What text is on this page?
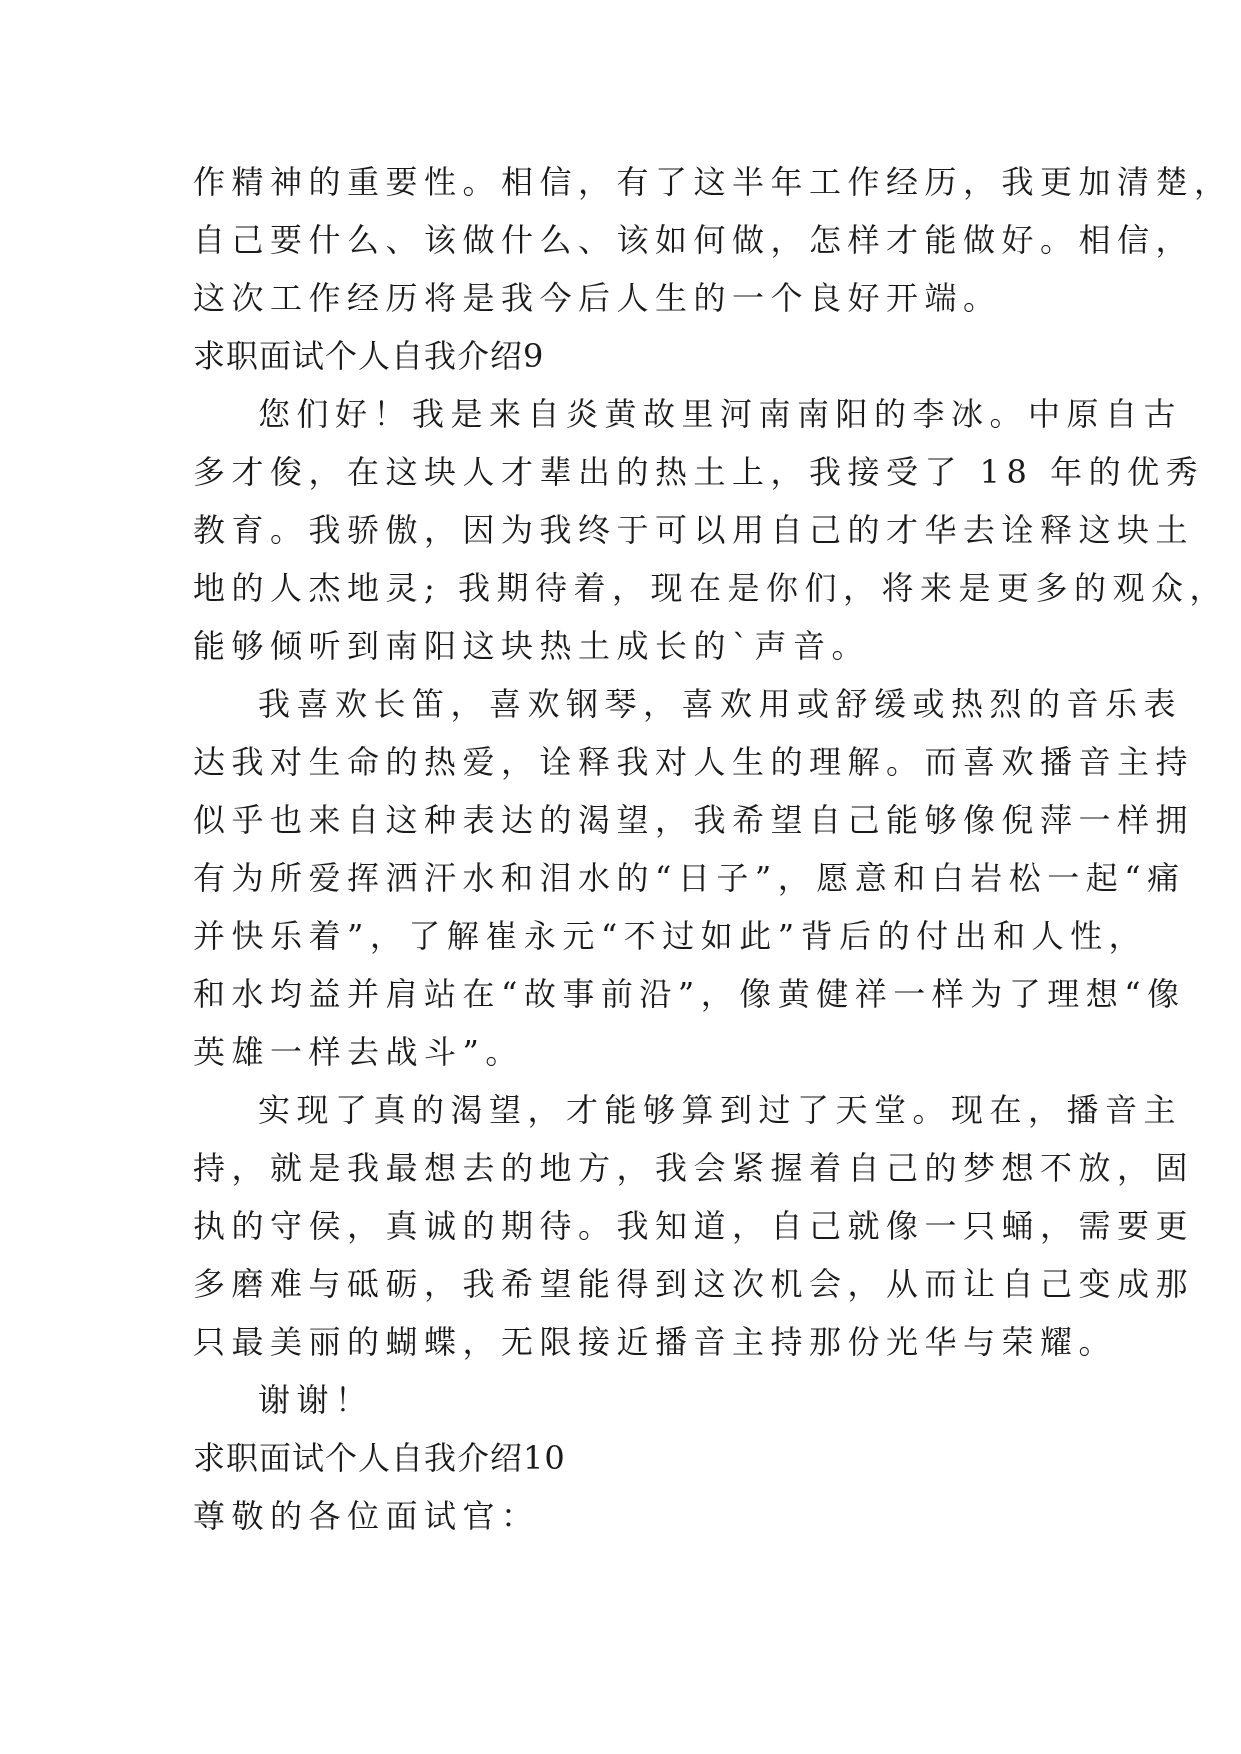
作精神的重要性。相信，有了这半年工作经历，我更加清楚，
自己要什么、该做什么、该如何做，怎样才能做好。相信，
这次工作经历将是我今后人生的一个良好开端。
求职面试个人自我介绍9
您们好！我是来自炎黄故里河南南阳的李冰。中原自古
多才俊，在这块人才辈出的热土上，我接受了 18 年的优秀
教育。我骄傲，因为我终于可以用自己的才华去诠释这块土
地的人杰地灵; 我期待着，现在是你们，将来是更多的观众，
能够倾听到南阳这块热土成长的`声音。
我喜欢长笛，喜欢钢琴，喜欢用或舒缓或热烈的音乐表
达我对生命的热爱，诠释我对人生的理解。而喜欢播音主持
似乎也来自这种表达的渴望，我希望自己能够像倪萍一样拥
有为所爱挥洒汗水和泪水的“日子”，愿意和白岩松一起“痛
并快乐着”，了解崔永元“不过如此”背后的付出和人性，
和水均益并肩站在“故事前沿”，像黄健祥一样为了理想“像
英雄一样去战斗”。
实现了真的渴望，才能够算到过了天堂。现在，播音主
持，就是我最想去的地方，我会紧握着自己的梦想不放，固
执的守侯，真诚的期待。我知道，自己就像一只蛹，需要更
多磨难与砥砺，我希望能得到这次机会，从而让自己变成那
只最美丽的蝴蝶，无限接近播音主持那份光华与荣耀。
谢谢！
求职面试个人自我介绍10
尊敬的各位面试官：
